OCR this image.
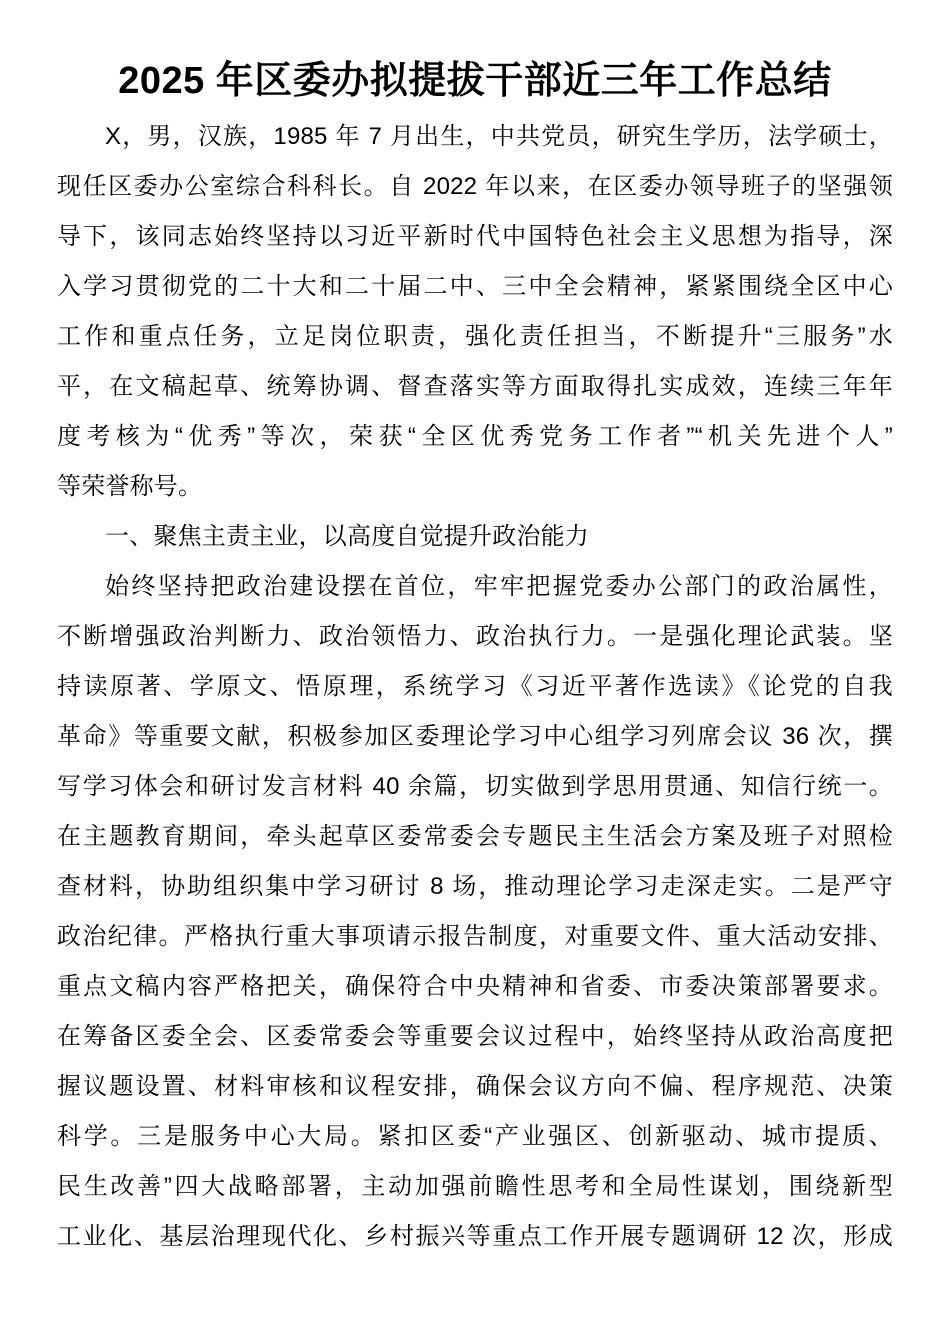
2025 年区委办拟提拔干部近三年工作总结
X，男，汉族，1985 年 7 月出生，中共党员，研究生学历，法学硕士，
现任区委办公室综合科科长。自 2022 年以来，在区委办领导班子的坚强领
导下，该同志始终坚持以习近平新时代中国特色社会主义思想为指导，深
入学习贯彻党的二十大和二十届二中、三中全会精神，紧紧围绕全区中心
工作和重点任务，立足岗位职责，强化责任担当，不断提升“三服务”水
平，在文稿起草、统筹协调、督查落实等方面取得扎实成效，连续三年年
度考核为“优秀”等次，荣获“全区优秀党务工作者”“机关先进个人”
等荣誉称号。
一、聚焦主责主业，以高度自觉提升政治能力
始终坚持把政治建设摆在首位，牢牢把握党委办公部门的政治属性，
不断增强政治判断力、政治领悟力、政治执行力。一是强化理论武装。坚
持读原著、学原文、悟原理，系统学习《习近平著作选读》《论党的自我
革命》等重要文献，积极参加区委理论学习中心组学习列席会议 36 次，撰
写学习体会和研讨发言材料 40 余篇，切实做到学思用贯通、知信行统一。
在主题教育期间，牵头起草区委常委会专题民主生活会方案及班子对照检
查材料，协助组织集中学习研讨 8 场，推动理论学习走深走实。二是严守
政治纪律。严格执行重大事项请示报告制度，对重要文件、重大活动安排、
重点文稿内容严格把关，确保符合中央精神和省委、市委决策部署要求。
在筹备区委全会、区委常委会等重要会议过程中，始终坚持从政治高度把
握议题设置、材料审核和议程安排，确保会议方向不偏、程序规范、决策
科学。三是服务中心大局。紧扣区委“产业强区、创新驱动、城市提质、
民生改善”四大战略部署，主动加强前瞻性思考和全局性谋划，围绕新型
工业化、基层治理现代化、乡村振兴等重点工作开展专题调研 12 次，形成
